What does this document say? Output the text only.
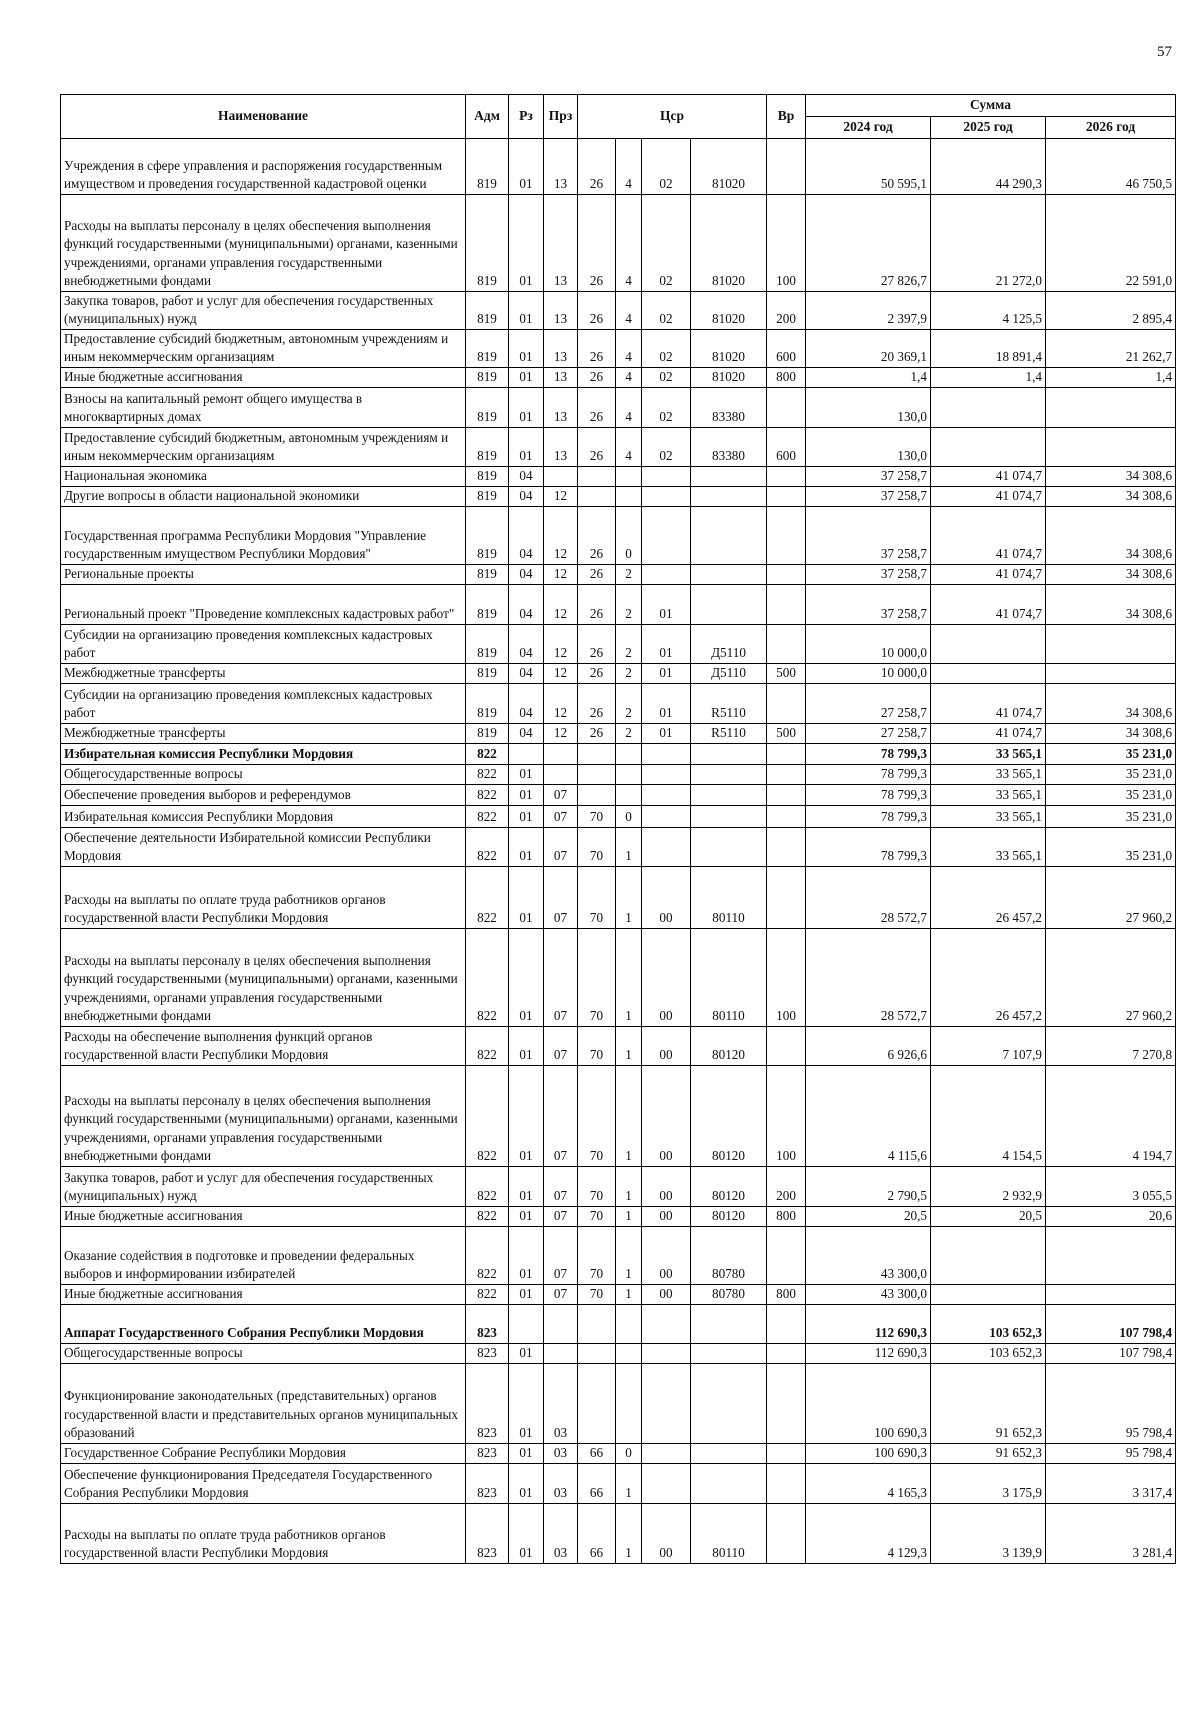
57
Наименование	Адм	Рз	Прз	Цср				Вр	Сумма		
									2024 год	2025 год	2026 год
Учреждения в сфере управления и распоряжения государственным имуществом и проведения государственной кадастровой оценки	819	01	13	26	4	02	81020		50 595,1	44 290,3	46 750,5
Расходы на выплаты персоналу в целях обеспечения выполнения функций государственными (муниципальными) органами, казенными учреждениями, органами управления государственными внебюджетными фондами	819	01	13	26	4	02	81020	100	27 826,7	21 272,0	22 591,0
Закупка товаров, работ и услуг для обеспечения государственных (муниципальных) нужд	819	01	13	26	4	02	81020	200	2 397,9	4 125,5	2 895,4
Предоставление субсидий бюджетным, автономным учреждениям и иным некоммерческим организациям	819	01	13	26	4	02	81020	600	20 369,1	18 891,4	21 262,7
Иные бюджетные ассигнования	819	01	13	26	4	02	81020	800	1,4	1,4	1,4
Взносы на капитальный ремонт общего имущества в многоквартирных домах	819	01	13	26	4	02	83380		130,0		
Предоставление субсидий бюджетным, автономным учреждениям и иным некоммерческим организациям	819	01	13	26	4	02	83380	600	130,0		
Национальная экономика	819	04							37 258,7	41 074,7	34 308,6
Другие вопросы в области национальной экономики	819	04	12						37 258,7	41 074,7	34 308,6
Государственная программа Республики Мордовия "Управление государственным имуществом Республики Мордовия"	819	04	12	26	0				37 258,7	41 074,7	34 308,6
Региональные проекты	819	04	12	26	2				37 258,7	41 074,7	34 308,6
Региональный проект "Проведение комплексных кадастровых работ"	819	04	12	26	2	01			37 258,7	41 074,7	34 308,6
Субсидии на организацию проведения комплексных кадастровых работ	819	04	12	26	2	01	Д5110		10 000,0		
Межбюджетные трансферты	819	04	12	26	2	01	Д5110	500	10 000,0		
Субсидии на организацию проведения комплексных кадастровых работ	819	04	12	26	2	01	R5110		27 258,7	41 074,7	34 308,6
Межбюджетные трансферты	819	04	12	26	2	01	R5110	500	27 258,7	41 074,7	34 308,6
Избирательная комиссия Республики Мордовия	822								78 799,3	33 565,1	35 231,0
Общегосударственные вопросы	822	01							78 799,3	33 565,1	35 231,0
Обеспечение проведения выборов и референдумов	822	01	07						78 799,3	33 565,1	35 231,0
Избирательная комиссия Республики Мордовия	822	01	07	70	0				78 799,3	33 565,1	35 231,0
Обеспечение деятельности Избирательной комиссии Республики Мордовия	822	01	07	70	1				78 799,3	33 565,1	35 231,0
Расходы на выплаты по оплате труда работников органов государственной власти Республики Мордовия	822	01	07	70	1	00	80110		28 572,7	26 457,2	27 960,2
Расходы на выплаты персоналу в целях обеспечения выполнения функций государственными (муниципальными) органами, казенными учреждениями, органами управления государственными внебюджетными фондами	822	01	07	70	1	00	80110	100	28 572,7	26 457,2	27 960,2
Расходы на обеспечение выполнения функций органов государственной власти Республики Мордовия	822	01	07	70	1	00	80120		6 926,6	7 107,9	7 270,8
Расходы на выплаты персоналу в целях обеспечения выполнения функций государственными (муниципальными) органами, казенными учреждениями, органами управления государственными внебюджетными фондами	822	01	07	70	1	00	80120	100	4 115,6	4 154,5	4 194,7
Закупка товаров, работ и услуг для обеспечения государственных (муниципальных) нужд	822	01	07	70	1	00	80120	200	2 790,5	2 932,9	3 055,5
Иные бюджетные ассигнования	822	01	07	70	1	00	80120	800	20,5	20,5	20,6
Оказание содействия в подготовке и проведении федеральных выборов и информировании избирателей	822	01	07	70	1	00	80780		43 300,0		
Иные бюджетные ассигнования	822	01	07	70	1	00	80780	800	43 300,0		
Аппарат Государственного Собрания Республики Мордовия	823								112 690,3	103 652,3	107 798,4
Общегосударственные вопросы	823	01							112 690,3	103 652,3	107 798,4
Функционирование законодательных (представительных) органов государственной власти и представительных органов муниципальных образований	823	01	03						100 690,3	91 652,3	95 798,4
Государственное Собрание Республики Мордовия	823	01	03	66	0				100 690,3	91 652,3	95 798,4
Обеспечение функционирования Председателя Государственного Собрания Республики Мордовия	823	01	03	66	1				4 165,3	3 175,9	3 317,4
Расходы на выплаты по оплате труда работников органов государственной власти Республики Мордовия	823	01	03	66	1	00	80110		4 129,3	3 139,9	3 281,4
